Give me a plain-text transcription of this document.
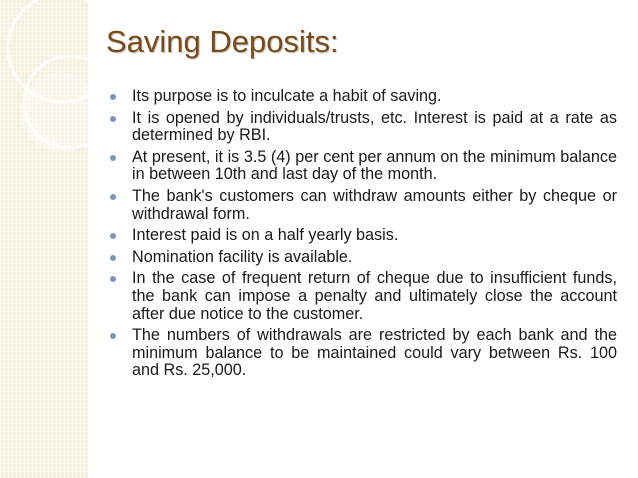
Saving Deposits:
Its purpose is to inculcate a habit of saving.
It is opened by individuals/trusts, etc. Interest is paid at a rate as determined by RBI.
At present, it is 3.5 (4) per cent per annum on the minimum balance in between 10th and last day of the month.
The bank's customers can withdraw amounts either by cheque or withdrawal form.
Interest paid is on a half yearly basis.
Nomination facility is available.
In the case of frequent return of cheque due to insufficient funds, the bank can impose a penalty and ultimately close the account after due notice to the customer.
The numbers of withdrawals are restricted by each bank and the minimum balance to be maintained could vary between Rs. 100 and Rs. 25,000.
